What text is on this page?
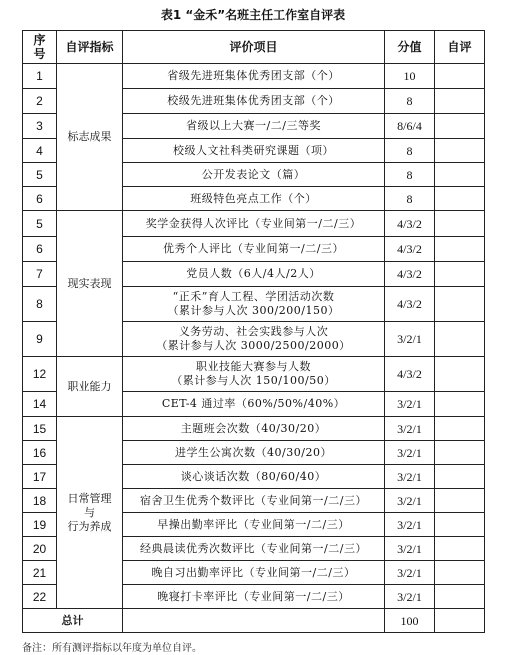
表1 “金禾”名班主任工作室自评表
序号	自评指标	评价项目	分值	自评
1	标志成果	省级先进班集体优秀团支部（个）	10	
2		校级先进班集体优秀团支部（个）	8	
3		省级以上大赛一/二/三等奖	8/6/4	
4		校级人文社科类研究课题（项）	8	
5		公开发表论文（篇）	8	
6		班级特色亮点工作（个）	8	
5	现实表现	奖学金获得人次评比（专业间第一/二/三）	4/3/2	
6		优秀个人评比（专业间第一/二/三）	4/3/2	
7		党员人数（6人/4人/2人）	4/3/2	
8		“正禾”育人工程、学团活动次数
（累计参与人次 300/200/150）	4/3/2	
9		义务劳动、社会实践参与人次
（累计参与人次 3000/2500/2000）	3/2/1	
12	职业能力	职业技能大赛参与人数
（累计参与人次 150/100/50）	4/3/2	
14		CET-4 通过率（60%/50%/40%）	3/2/1	
15	日常管理
与
行为养成	主题班会次数（40/30/20）	3/2/1	
16		进学生公寓次数（40/30/20）	3/2/1	
17		谈心谈话次数（80/60/40）	3/2/1	
18		宿舍卫生优秀个数评比（专业间第一/二/三）	3/2/1	
19		早操出勤率评比（专业间第一/二/三）	3/2/1	
20		经典晨读优秀次数评比（专业间第一/二/三）	3/2/1	
21		晚自习出勤率评比（专业间第一/二/三）	3/2/1	
22		晚寝打卡率评比（专业间第一/二/三）	3/2/1	
总计			100	
备注：所有测评指标以年度为单位自评。
